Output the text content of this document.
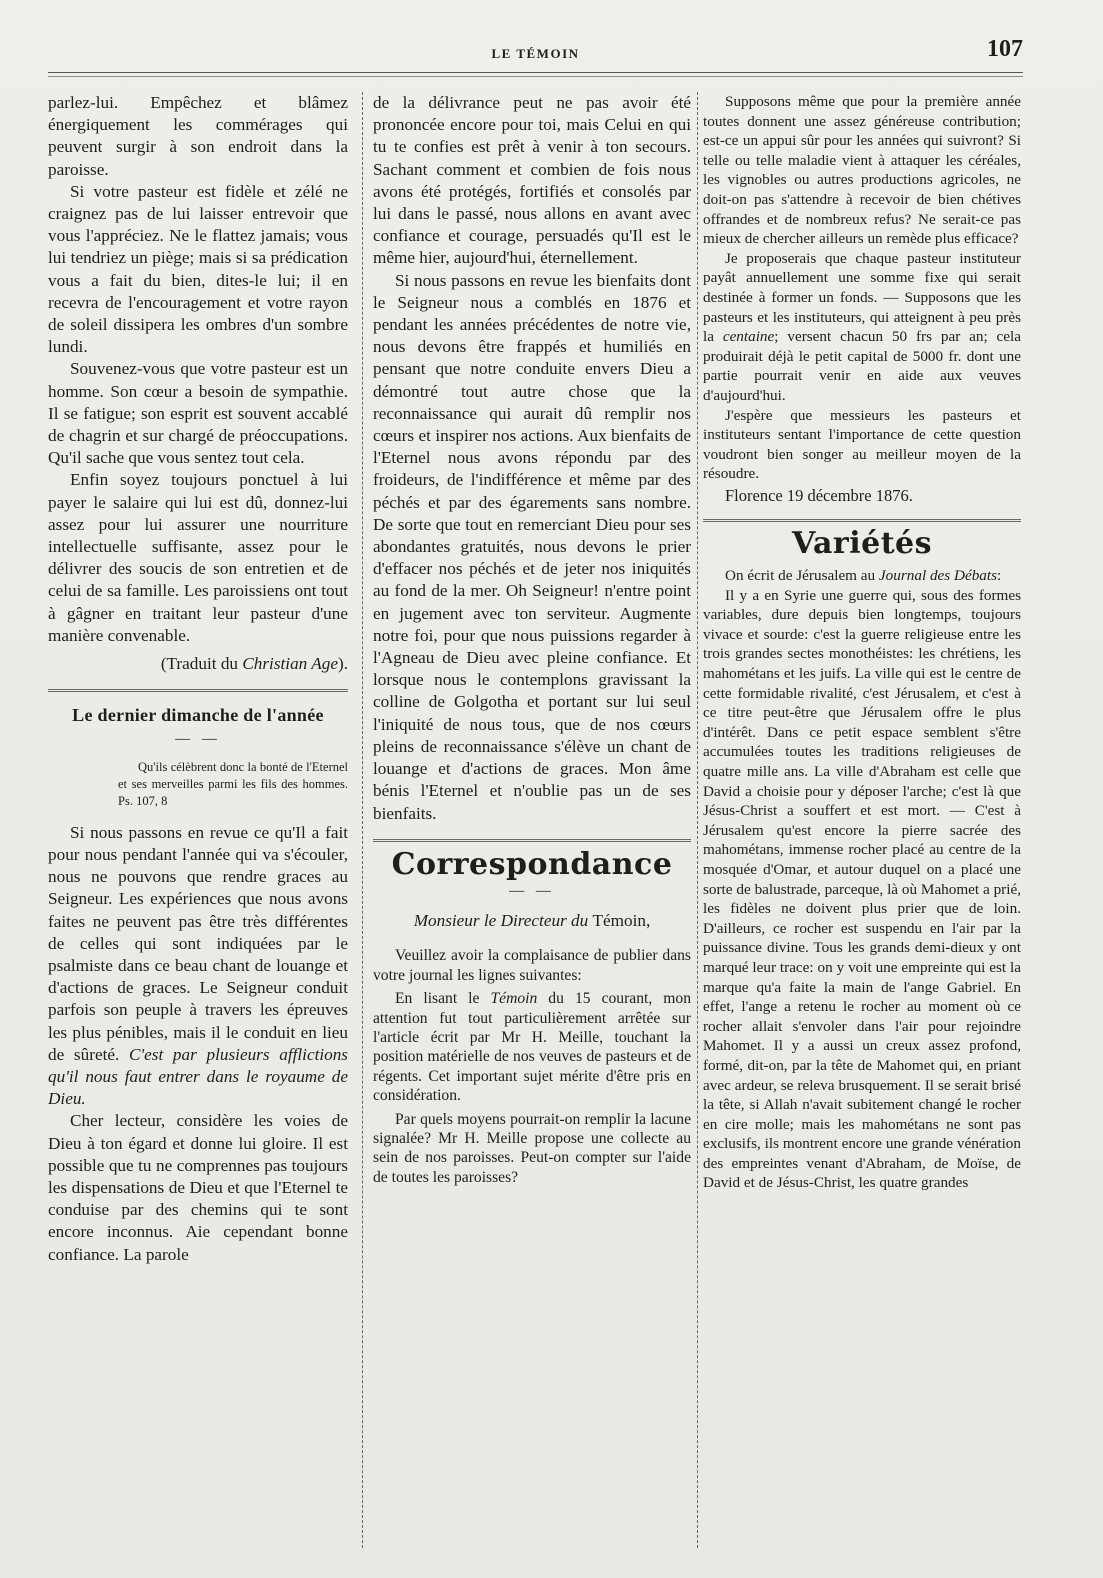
LE TÉMOIN	107

parlez-lui. Empêchez et blâmez énergiquement les commérages qui peuvent surgir à son endroit dans la paroisse.

Si votre pasteur est fidèle et zélé ne craignez pas de lui laisser entrevoir que vous l'appréciez. Ne le flattez jamais; vous lui tendriez un piège; mais si sa prédication vous a fait du bien, dites-le lui; il en recevra de l'encouragement et votre rayon de soleil dissipera les ombres d'un sombre lundi.

Souvenez-vous que votre pasteur est un homme. Son cœur a besoin de sympathie. Il se fatigue; son esprit est souvent accablé de chagrin et sur chargé de préoccupations. Qu'il sache que vous sentez tout cela.

Enfin soyez toujours ponctuel à lui payer le salaire qui lui est dû, donnez-lui assez pour lui assurer une nourriture intellectuelle suffisante, assez pour le délivrer des soucis de son entretien et de celui de sa famille. Les paroissiens ont tout à gâgner en traitant leur pasteur d'une manière convenable.

(Traduit du Christian Age).
Le dernier dimanche de l'année
— —
Qu'ils célèbrent donc la bonté de l'Eternel et ses merveilles parmi les fils des hommes. Ps. 107, 8

Si nous passons en revue ce qu'Il a fait pour nous pendant l'année qui va s'écouler, nous ne pouvons que rendre graces au Seigneur. Les expériences que nous avons faites ne peuvent pas être très différentes de celles qui sont indiquées par le psalmiste dans ce beau chant de louange et d'actions de graces. Le Seigneur conduit parfois son peuple à travers les épreuves les plus pénibles, mais il le conduit en lieu de sûreté. C'est par plusieurs afflictions qu'il nous faut entrer dans le royaume de Dieu.

Cher lecteur, considère les voies de Dieu à ton égard et donne lui gloire. Il est possible que tu ne comprennes pas toujours les dispensations de Dieu et que l'Eternel te conduise par des chemins qui te sont encore inconnus. Aie cependant bonne confiance. La parole

de la délivrance peut ne pas avoir été prononcée encore pour toi, mais Celui en qui tu te confies est prêt à venir à ton secours. Sachant comment et combien de fois nous avons été protégés, fortifiés et consolés par lui dans le passé, nous allons en avant avec confiance et courage, persuadés qu'Il est le même hier, aujourd'hui, éternellement.

Si nous passons en revue les bienfaits dont le Seigneur nous a comblés en 1876 et pendant les années précédentes de notre vie, nous devons être frappés et humiliés en pensant que notre conduite envers Dieu a démontré tout autre chose que la reconnaissance qui aurait dû remplir nos cœurs et inspirer nos actions. Aux bienfaits de l'Eternel nous avons répondu par des froideurs, de l'indifférence et même par des péchés et par des égarements sans nombre. De sorte que tout en remerciant Dieu pour ses abondantes gratuités, nous devons le prier d'effacer nos péchés et de jeter nos iniquités au fond de la mer. Oh Seigneur! n'entre point en jugement avec ton serviteur. Augmente notre foi, pour que nous puissions regarder à l'Agneau de Dieu avec pleine confiance. Et lorsque nous le contemplons gravissant la colline de Golgotha et portant sur lui seul l'iniquité de nous tous, que de nos cœurs pleins de reconnaissance s'élève un chant de louange et d'actions de graces. Mon âme bénis l'Eternel et n'oublie pas un de ses bienfaits.

Correspondance
— —
Monsieur le Directeur du Témoin,

Veuillez avoir la complaisance de publier dans votre journal les lignes suivantes:

En lisant le Témoin du 15 courant, mon attention fut tout particulièrement arrêtée sur l'article écrit par Mr H. Meille, touchant la position matérielle de nos veuves de pasteurs et de régents. Cet important sujet mérite d'être pris en considération.

Par quels moyens pourrait-on remplir la lacune signalée? Mr H. Meille propose une collecte au sein de nos paroisses. Peut-on compter sur l'aide de toutes les paroisses?

Supposons même que pour la première année toutes donnent une assez généreuse contribution; est-ce un appui sûr pour les années qui suivront? Si telle ou telle maladie vient à attaquer les céréales, les vignobles ou autres productions agricoles, ne doit-on pas s'attendre à recevoir de bien chétives offrandes et de nombreux refus? Ne serait-ce pas mieux de chercher ailleurs un remède plus efficace?

Je proposerais que chaque pasteur instituteur payât annuellement une somme fixe qui serait destinée à former un fonds. — Supposons que les pasteurs et les instituteurs, qui atteignent à peu près la centaine; versent chacun 50 frs par an; cela produirait déjà le petit capital de 5000 fr. dont une partie pourrait venir en aide aux veuves d'aujourd'hui.

J'espère que messieurs les pasteurs et instituteurs sentant l'importance de cette question voudront bien songer au meilleur moyen de la résoudre.

Florence 19 décembre 1876.

Variétés

On écrit de Jérusalem au Journal des Débats:

Il y a en Syrie une guerre qui, sous des formes variables, dure depuis bien longtemps, toujours vivace et sourde: c'est la guerre religieuse entre les trois grandes sectes monothéistes: les chrétiens, les mahométans et les juifs. La ville qui est le centre de cette formidable rivalité, c'est Jérusalem, et c'est à ce titre peut-être que Jérusalem offre le plus d'intérêt. Dans ce petit espace semblent s'être accumulées toutes les traditions religieuses de quatre mille ans. La ville d'Abraham est celle que David a choisie pour y déposer l'arche; c'est là que Jésus-Christ a souffert et est mort. — C'est à Jérusalem qu'est encore la pierre sacrée des mahométans, immense rocher placé au centre de la mosquée d'Omar, et autour duquel on a placé une sorte de balustrade, parceque, là où Mahomet a prié, les fidèles ne doivent plus prier que de loin. D'ailleurs, ce rocher est suspendu en l'air par la puissance divine. Tous les grands demi-dieux y ont marqué leur trace: on y voit une empreinte qui est la marque qu'a faite la main de l'ange Gabriel. En effet, l'ange a retenu le rocher au moment où ce rocher allait s'envoler dans l'air pour rejoindre Mahomet. Il y a aussi un creux assez profond, formé, dit-on, par la tête de Mahomet qui, en priant avec ardeur, se releva brusquement. Il se serait brisé la tête, si Allah n'avait subitement changé le rocher en cire molle; mais les mahométans ne sont pas exclusifs, ils montrent encore une grande vénération des empreintes venant d'Abraham, de Moïse, de David et de Jésus-Christ, les quatre grandes
